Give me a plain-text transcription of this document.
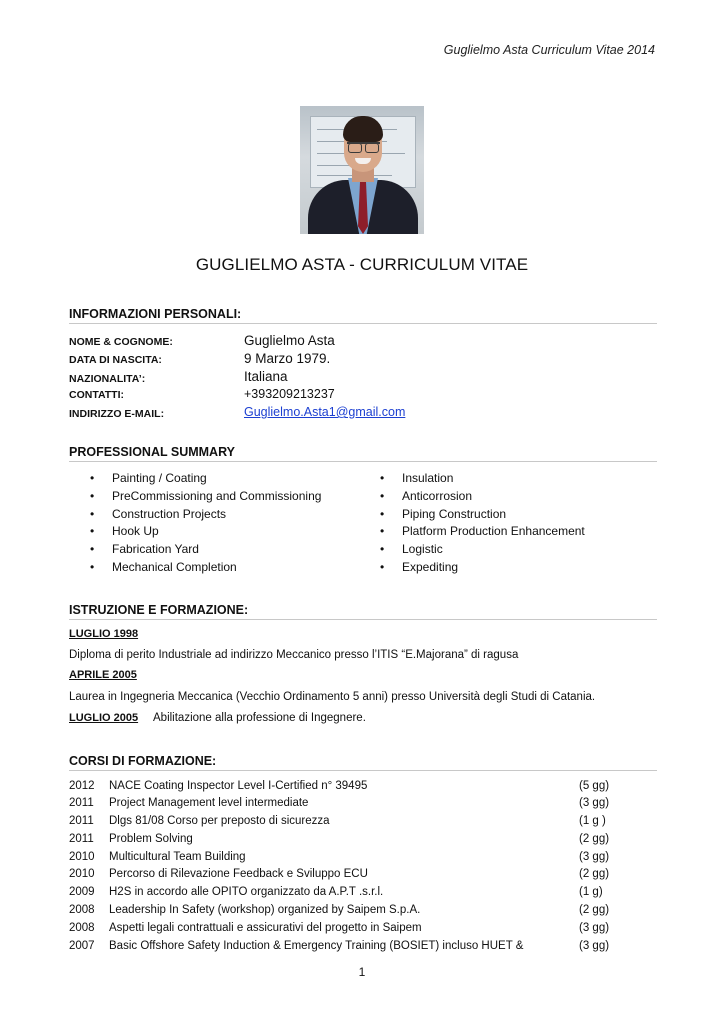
Guglielmo Asta Curriculum Vitae 2014
GUGLIELMO ASTA - CURRICULUM VITAE
INFORMAZIONI PERSONALI:
NOME & COGNOME:	Guglielmo Asta
DATA DI NASCITA:	9 Marzo 1979.
NAZIONALITA’:	Italiana
CONTATTI:	+393209213237
INDIRIZZO E-MAIL:	Guglielmo.Asta1@gmail.com
PROFESSIONAL SUMMARY
• Painting / Coating
• PreCommissioning and Commissioning
• Construction Projects
• Hook Up
• Fabrication Yard
• Mechanical Completion
• Insulation
• Anticorrosion
• Piping Construction
• Platform Production Enhancement
• Logistic
• Expediting
ISTRUZIONE E FORMAZIONE:
LUGLIO 1998
Diploma di perito Industriale ad indirizzo Meccanico presso l’ITIS “E.Majorana” di ragusa
APRILE 2005
Laurea in Ingegneria Meccanica (Vecchio Ordinamento 5 anni) presso Università degli Studi di Catania.
LUGLIO 2005 Abilitazione alla professione di Ingegnere.
CORSI DI FORMAZIONE:
2012 NACE Coating Inspector Level I-Certified n° 39495	(5 gg)
2011 Project Management level intermediate	(3 gg)
2011 Dlgs 81/08 Corso per preposto di sicurezza	(1 g )
2011 Problem Solving	(2 gg)
2010 Multicultural Team Building	(3 gg)
2010 Percorso di Rilevazione Feedback e Sviluppo ECU	(2 gg)
2009 H2S in accordo alle OPITO organizzato da A.P.T .s.r.l.	(1 g)
2008 Leadership In Safety (workshop) organized by Saipem S.p.A.	(2 gg)
2008 Aspetti legali contrattuali e assicurativi del progetto in Saipem	(3 gg)
2007 Basic Offshore Safety Induction & Emergency Training (BOSIET) incluso HUET &	(3 gg)
1
